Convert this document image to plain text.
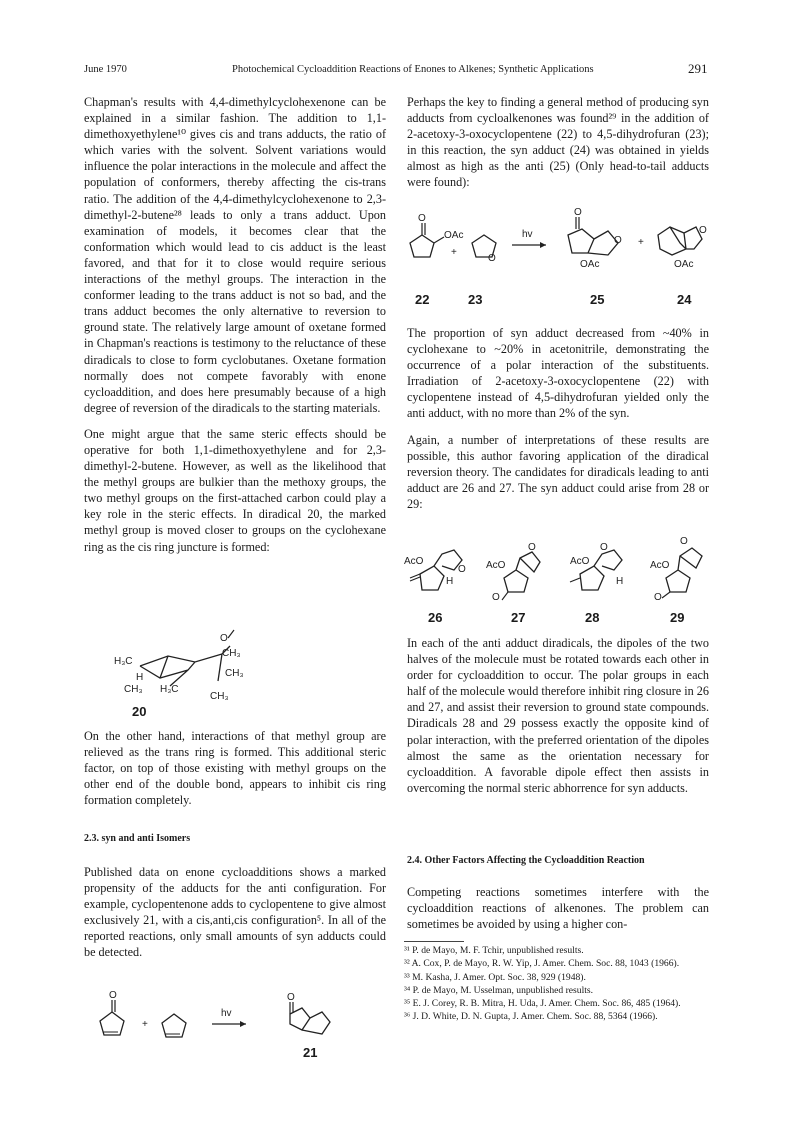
June 1970	Photochemical Cycloaddition Reactions of Enones to Alkenes; Synthetic Applications	291

Chapman's results with 4,4-dimethylcyclohexenone can be explained in a similar fashion. The addition to 1,1-dimethoxyethylene¹⁰ gives cis and trans adducts, the ratio of which varies with the solvent. Solvent variations would influence the polar interactions in the molecule and affect the population of conformers, thereby affecting the cis-trans ratio. The addition of the 4,4-dimethylcyclohexenone to 2,3-dimethyl-2-butene²⁸ leads to only a trans adduct. Upon examination of models, it becomes clear that the conformation which would lead to cis adduct is the least favored, and that for it to close would require serious interactions of the methyl groups. The interaction in the conformer leading to the trans adduct is not so bad, and the trans adduct becomes the only alternative to reversion to ground state. The relatively large amount of oxetane formed in Chapman's reactions is testimony to the reluctance of these diradicals to close to form cyclobutanes. Oxetane formation normally does not compete favorably with enone cycloaddition, and does here presumably because of a high degree of reversion of the diradicals to the starting materials.

One might argue that the same steric effects should be operative for both 1,1-dimethoxyethylene and for 2,3-dimethyl-2-butene. However, as well as the likelihood that the methyl groups are bulkier than the methoxy groups, the two methyl groups on the first-attached carbon could play a key role in the steric effects. In diradical 20, the marked methyl group is moved closer to groups on the cyclohexane ring as the cis ring juncture is formed:

H₃C
O
CH₃
CH₃
H
CH₃ H₃C
CH₃
20

On the other hand, interactions of that methyl group are relieved as the trans ring is formed. This additional steric factor, on top of those existing with methyl groups on the other end of the double bond, appears to inhibit cis ring formation completely.

2.3. syn and anti Isomers

Published data on enone cycloadditions shows a marked propensity of the adducts for the anti configuration. For example, cyclopentenone adds to cyclopentene to give almost exclusively 21, with a cis,anti,cis configuration⁵. In all of the reported reactions, only small amounts of syn adducts could be detected.

O
+
hv
O
21

Perhaps the key to finding a general method of producing syn adducts from cycloalkenones was found²⁹ in the addition of 2-acetoxy-3-oxocyclopentene (22) to 4,5-dihydrofuran (23); in this reaction, the syn adduct (24) was obtained in yields almost as high as the anti (25) (Only head-to-tail adducts were found):

O
OAc
+
O
hv
O
O
OAc
+
O
OAc
22	23	25	24

The proportion of syn adduct decreased from ~40% in cyclohexane to ~20% in acetonitrile, demonstrating the occurrence of a polar interaction of the substituents. Irradiation of 2-acetoxy-3-oxocyclopentene (22) with cyclopentene instead of 4,5-dihydrofuran yielded only the anti adduct, with no more than 2% of the syn.

Again, a number of interpretations of these results are possible, this author favoring application of the diradical reversion theory. The candidates for diradicals leading to anti adduct are 26 and 27. The syn adduct could arise from 28 or 29:

AcO
O
H
AcO
O
O
AcO
O
H
AcO
O
O
26	27	28	29

In each of the anti adduct diradicals, the dipoles of the two halves of the molecule must be rotated towards each other in order for cycloaddition to occur. The polar groups in each half of the molecule would therefore inhibit ring closure in 26 and 27, and assist their reversion to ground state compounds. Diradicals 28 and 29 possess exactly the opposite kind of polar interaction, with the preferred orientation of the dipoles almost the same as the orientation necessary for cycloaddition. A favorable dipole effect then assists in overcoming the normal steric abhorrence for syn adducts.

2.4. Other Factors Affecting the Cycloaddition Reaction

Competing reactions sometimes interfere with the cycloaddition reactions of alkenones. The problem can sometimes be avoided by using a higher con-

³¹ P. de Mayo, M. F. Tchir, unpublished results.
³² A. Cox, P. de Mayo, R. W. Yip, J. Amer. Chem. Soc. 88, 1043 (1966).
³³ M. Kasha, J. Amer. Opt. Soc. 38, 929 (1948).
³⁴ P. de Mayo, M. Usselman, unpublished results.
³⁵ E. J. Corey, R. B. Mitra, H. Uda, J. Amer. Chem. Soc. 86, 485 (1964).
³⁶ J. D. White, D. N. Gupta, J. Amer. Chem. Soc. 88, 5364 (1966).
